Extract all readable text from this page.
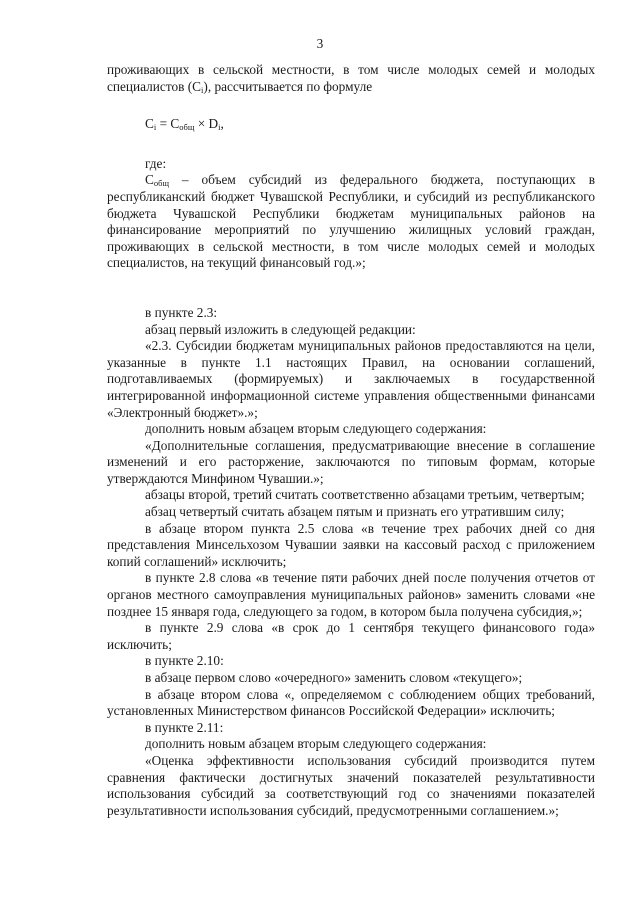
3

проживающих в сельской местности, в том числе молодых семей и молодых специалистов $(С_i)$, рассчитывается по формуле

$С_i = С_{общ} \times D_i$,

где:

$С_{общ}$ – объем субсидий из федерального бюджета, поступающих в республиканский бюджет Чувашской Республики, и субсидий из республиканского бюджета Чувашской Республики бюджетам муниципальных районов на финансирование мероприятий по улучшению жилищных условий граждан, проживающих в сельской местности, в том числе молодых семей и молодых специалистов, на текущий финансовый год.»;

в пункте 2.3:

абзац первый изложить в следующей редакции:

«2.3. Субсидии бюджетам муниципальных районов предоставляются на цели, указанные в пункте 1.1 настоящих Правил, на основании соглашений, подготавливаемых (формируемых) и заключаемых в государственной интегрированной информационной системе управления общественными финансами «Электронный бюджет».»;

дополнить новым абзацем вторым следующего содержания:

«Дополнительные соглашения, предусматривающие внесение в соглашение изменений и его расторжение, заключаются по типовым формам, которые утверждаются Минфином Чувашии.»;

абзацы второй, третий считать соответственно абзацами третьим, четвертым;

абзац четвертый считать абзацем пятым и признать его утратившим силу;

в абзаце втором пункта 2.5 слова «в течение трех рабочих дней со дня представления Минсельхозом Чувашии заявки на кассовый расход с приложением копий соглашений» исключить;

в пункте 2.8 слова «в течение пяти рабочих дней после получения отчетов от органов местного самоуправления муниципальных районов» заменить словами «не позднее 15 января года, следующего за годом, в котором была получена субсидия,»;

в пункте 2.9 слова «в срок до 1 сентября текущего финансового года» исключить;

в пункте 2.10:

в абзаце первом слово «очередного» заменить словом «текущего»;

в абзаце втором слова «, определяемом с соблюдением общих требований, установленных Министерством финансов Российской Федерации» исключить;

в пункте 2.11:

дополнить новым абзацем вторым следующего содержания:

«Оценка эффективности использования субсидий производится путем сравнения фактически достигнутых значений показателей результативности использования субсидий за соответствующий год со значениями показателей результативности использования субсидий, предусмотренными соглашением.»;
